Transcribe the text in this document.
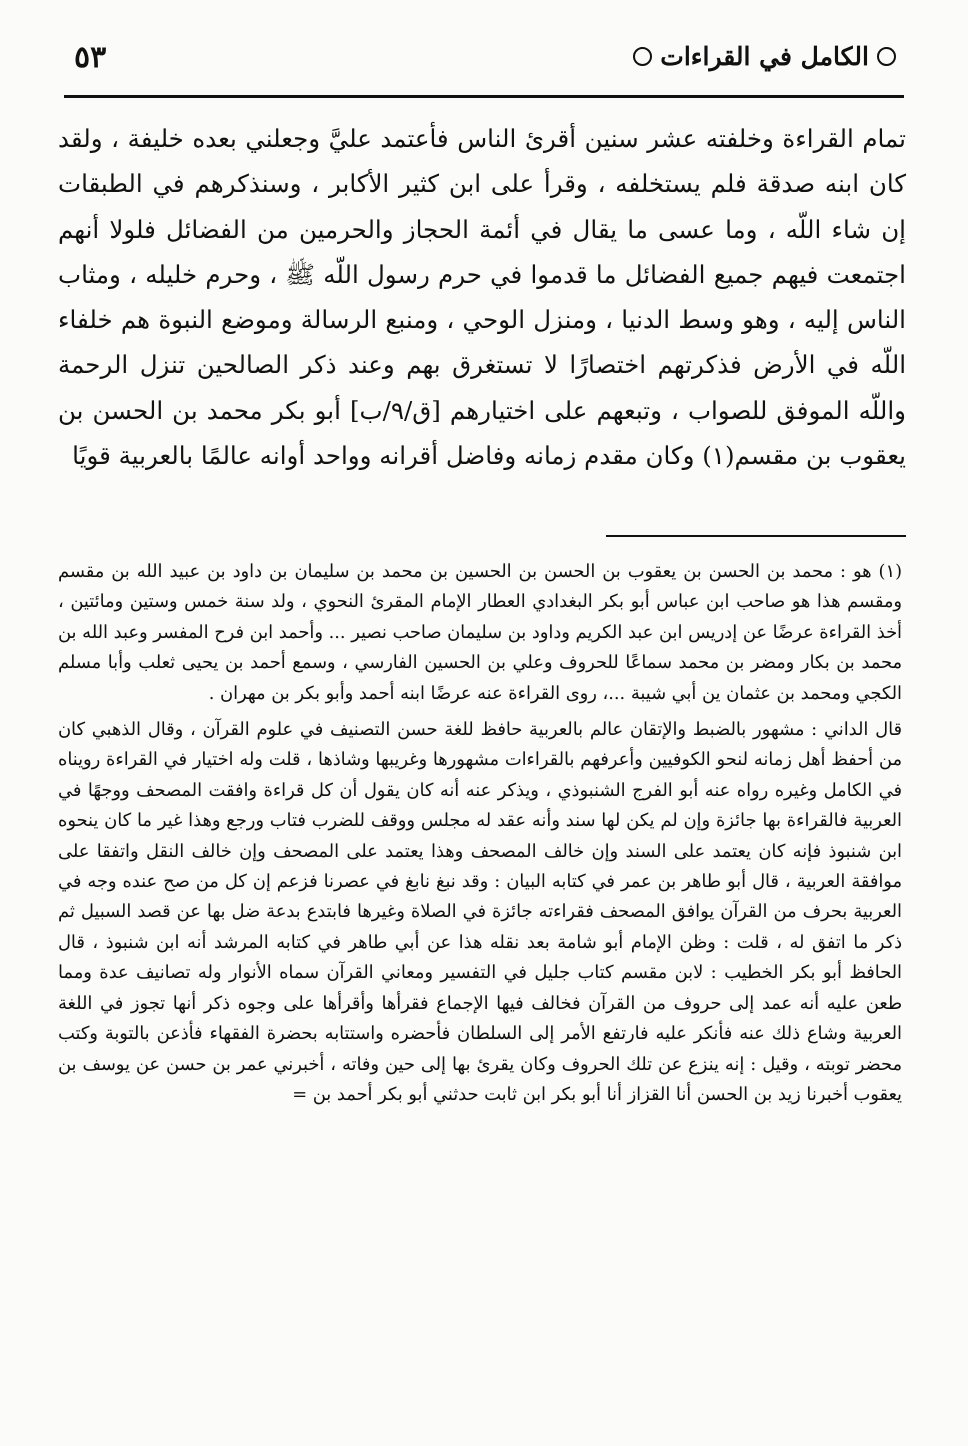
الكامل في القراءات
٥٣

تمام القراءة وخلفته عشر سنين أقرئ الناس فأعتمد عليَّ وجعلني بعده خليفة ، ولقد كان ابنه صدقة فلم يستخلفه ، وقرأ على ابن كثير الأكابر ، وسنذكرهم في الطبقات إن شاء اللّه ، وما عسى ما يقال في أئمة الحجاز والحرمين من الفضائل فلولا أنهم اجتمعت فيهم جميع الفضائل ما قدموا في حرم رسول اللّه ﷺ ، وحرم خليله ، ومثاب الناس إليه ، وهو وسط الدنيا ، ومنزل الوحي ، ومنبع الرسالة وموضع النبوة هم خلفاء اللّه في الأرض فذكرتهم اختصارًا لا تستغرق بهم وعند ذكر الصالحين تنزل الرحمة واللّه الموفق للصواب ، وتبعهم على اختيارهم [ق/٩/ب] أبو بكر محمد بن الحسن بن يعقوب بن مقسم(١) وكان مقدم زمانه وفاضل أقرانه وواحد أوانه عالمًا بالعربية قويًا

(١) هو : محمد بن الحسن بن يعقوب بن الحسن بن الحسين بن محمد بن سليمان بن داود بن عبيد الله بن مقسم ومقسم هذا هو صاحب ابن عباس أبو بكر البغدادي العطار الإمام المقرئ النحوي ، ولد سنة خمس وستين ومائتين ، أخذ القراءة عرضًا عن إدريس ابن عبد الكريم وداود بن سليمان صاحب نصير ... وأحمد ابن فرح المفسر وعبد الله بن محمد بن بكار ومضر بن محمد سماعًا للحروف وعلي بن الحسين الفارسي ، وسمع أحمد بن يحيى ثعلب وأبا مسلم الكجي ومحمد بن عثمان ين أبي شيبة ...، روى القراءة عنه عرضًا ابنه أحمد وأبو بكر بن مهران .

قال الداني : مشهور بالضبط والإتقان عالم بالعربية حافظ للغة حسن التصنيف في علوم القرآن ، وقال الذهبي كان من أحفظ أهل زمانه لنحو الكوفيين وأعرفهم بالقراءات مشهورها وغريبها وشاذها ، قلت وله اختيار في القراءة رويناه في الكامل وغيره رواه عنه أبو الفرج الشنبوذي ، ويذكر عنه أنه كان يقول أن كل قراءة وافقت المصحف ووجهًا في العربية فالقراءة بها جائزة وإن لم يكن لها سند وأنه عقد له مجلس ووقف للضرب فتاب ورجع وهذا غير ما كان ينحوه ابن شنبوذ فإنه كان يعتمد على السند وإن خالف المصحف وهذا يعتمد على المصحف وإن خالف النقل واتفقا على موافقة العربية ، قال أبو طاهر بن عمر في كتابه البيان : وقد نبغ نابغ في عصرنا فزعم إن كل من صح عنده وجه في العربية بحرف من القرآن يوافق المصحف فقراءته جائزة في الصلاة وغيرها فابتدع بدعة ضل بها عن قصد السبيل ثم ذكر ما اتفق له ، قلت : وظن الإمام أبو شامة بعد نقله هذا عن أبي طاهر في كتابه المرشد أنه ابن شنبوذ ، قال الحافظ أبو بكر الخطيب : لابن مقسم كتاب جليل في التفسير ومعاني القرآن سماه الأنوار وله تصانيف عدة ومما طعن عليه أنه عمد إلى حروف من القرآن فخالف فيها الإجماع فقرأها وأقرأها على وجوه ذكر أنها تجوز في اللغة العربية وشاع ذلك عنه فأنكر عليه فارتفع الأمر إلى السلطان فأحضره واستتابه بحضرة الفقهاء فأذعن بالتوبة وكتب محضر توبته ، وقيل : إنه ينزع عن تلك الحروف وكان يقرئ بها إلى حين وفاته ، أخبرني عمر بن حسن عن يوسف بن يعقوب أخبرنا زيد بن الحسن أنا القزاز أنا أبو بكر ابن ثابت حدثني أبو بكر أحمد بن =
